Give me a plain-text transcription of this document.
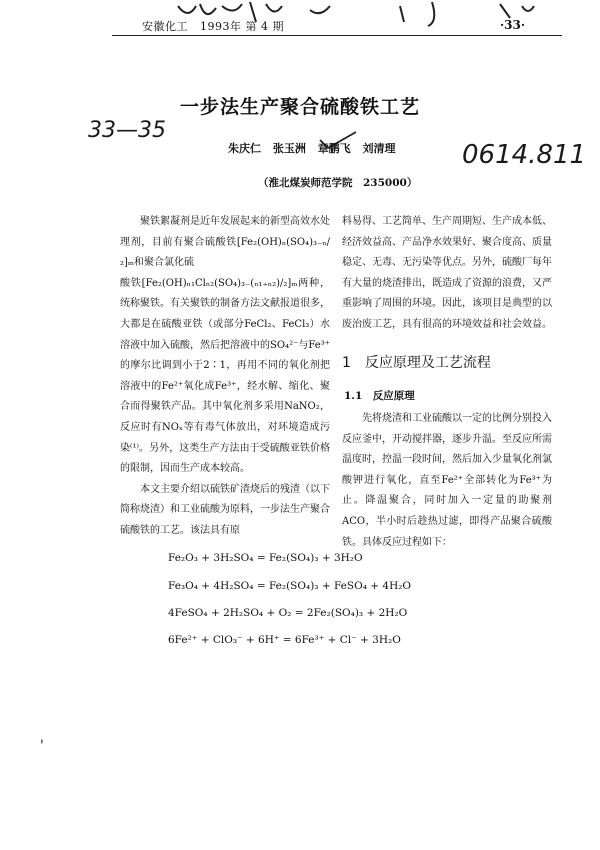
安徽化工 1993年 第 4 期	·33·
33—35
0614.811
一步法生产聚合硫酸铁工艺
朱庆仁 张玉洲 章鹏飞 刘清理
（淮北煤炭师范学院　235000）
聚铁絮凝剂是近年发展起来的新型高效水处理剂，目前有聚合硫酸铁[Fe₂(OH)ₙ(SO₄)₃₋ₙ/₂]ₘ和聚合氯化硫
酸铁[Fe₂(OH)ₙ₁Clₙ₂(SO₄)₃₋(ₙ₁₊ₙ₂)/₂]ₘ两种，统称聚铁。有关聚铁的制备方法文献报道很多，大都是在硫酸亚铁（或部分FeCl₂、FeCl₃）水溶液中加入硫酸，然后把溶液中的SO₄²⁻与Fe³⁺的摩尔比调到小于2∶1，再用不同的氧化剂把溶液中的Fe²⁺氧化成Fe³⁺，经水解、缩化、聚合而得聚铁产品。其中氧化剂多采用NaNO₂，反应时有NOₓ等有毒气体放出，对环境造成污染⁽¹⁾。另外，这类生产方法由于受硫酸亚铁价格的限制，因而生产成本较高。
本文主要介绍以硫铁矿渣烧后的残渣（以下简称烧渣）和工业硫酸为原料，一步法生产聚合硫酸铁的工艺。该法具有原
料易得、工艺简单、生产周期短、生产成本低、经济效益高、产品净水效果好、聚合度高、质量稳定、无毒、无污染等优点。另外，硫酸厂每年有大量的烧渣排出，既造成了资源的浪费，又严重影响了周围的环境。因此，该项目是典型的以废治废工艺，具有很高的环境效益和社会效益。
1　反应原理及工艺流程
1.1　反应原理
先将烧渣和工业硫酸以一定的比例分别投入反应釜中，开动搅拌器，逐步升温。至反应所需温度时，控温一段时间，然后加入少量氧化剂氯酸钾进行氧化，直至Fe²⁺全部转化为Fe³⁺为止。降温聚合，同时加入一定量的助聚剂ACO，半小时后趁热过滤，即得产品聚合硫酸铁。具体反应过程如下：
Fe₂O₃ + 3H₂SO₄ = Fe₂(SO₄)₃ + 3H₂O
Fe₃O₄ + 4H₂SO₄ = Fe₂(SO₄)₃ + FeSO₄ + 4H₂O
4FeSO₄ + 2H₂SO₄ + O₂ = 2Fe₂(SO₄)₃ + 2H₂O
6Fe²⁺ + ClO₃⁻ + 6H⁺ = 6Fe³⁺ + Cl⁻ + 3H₂O
'
